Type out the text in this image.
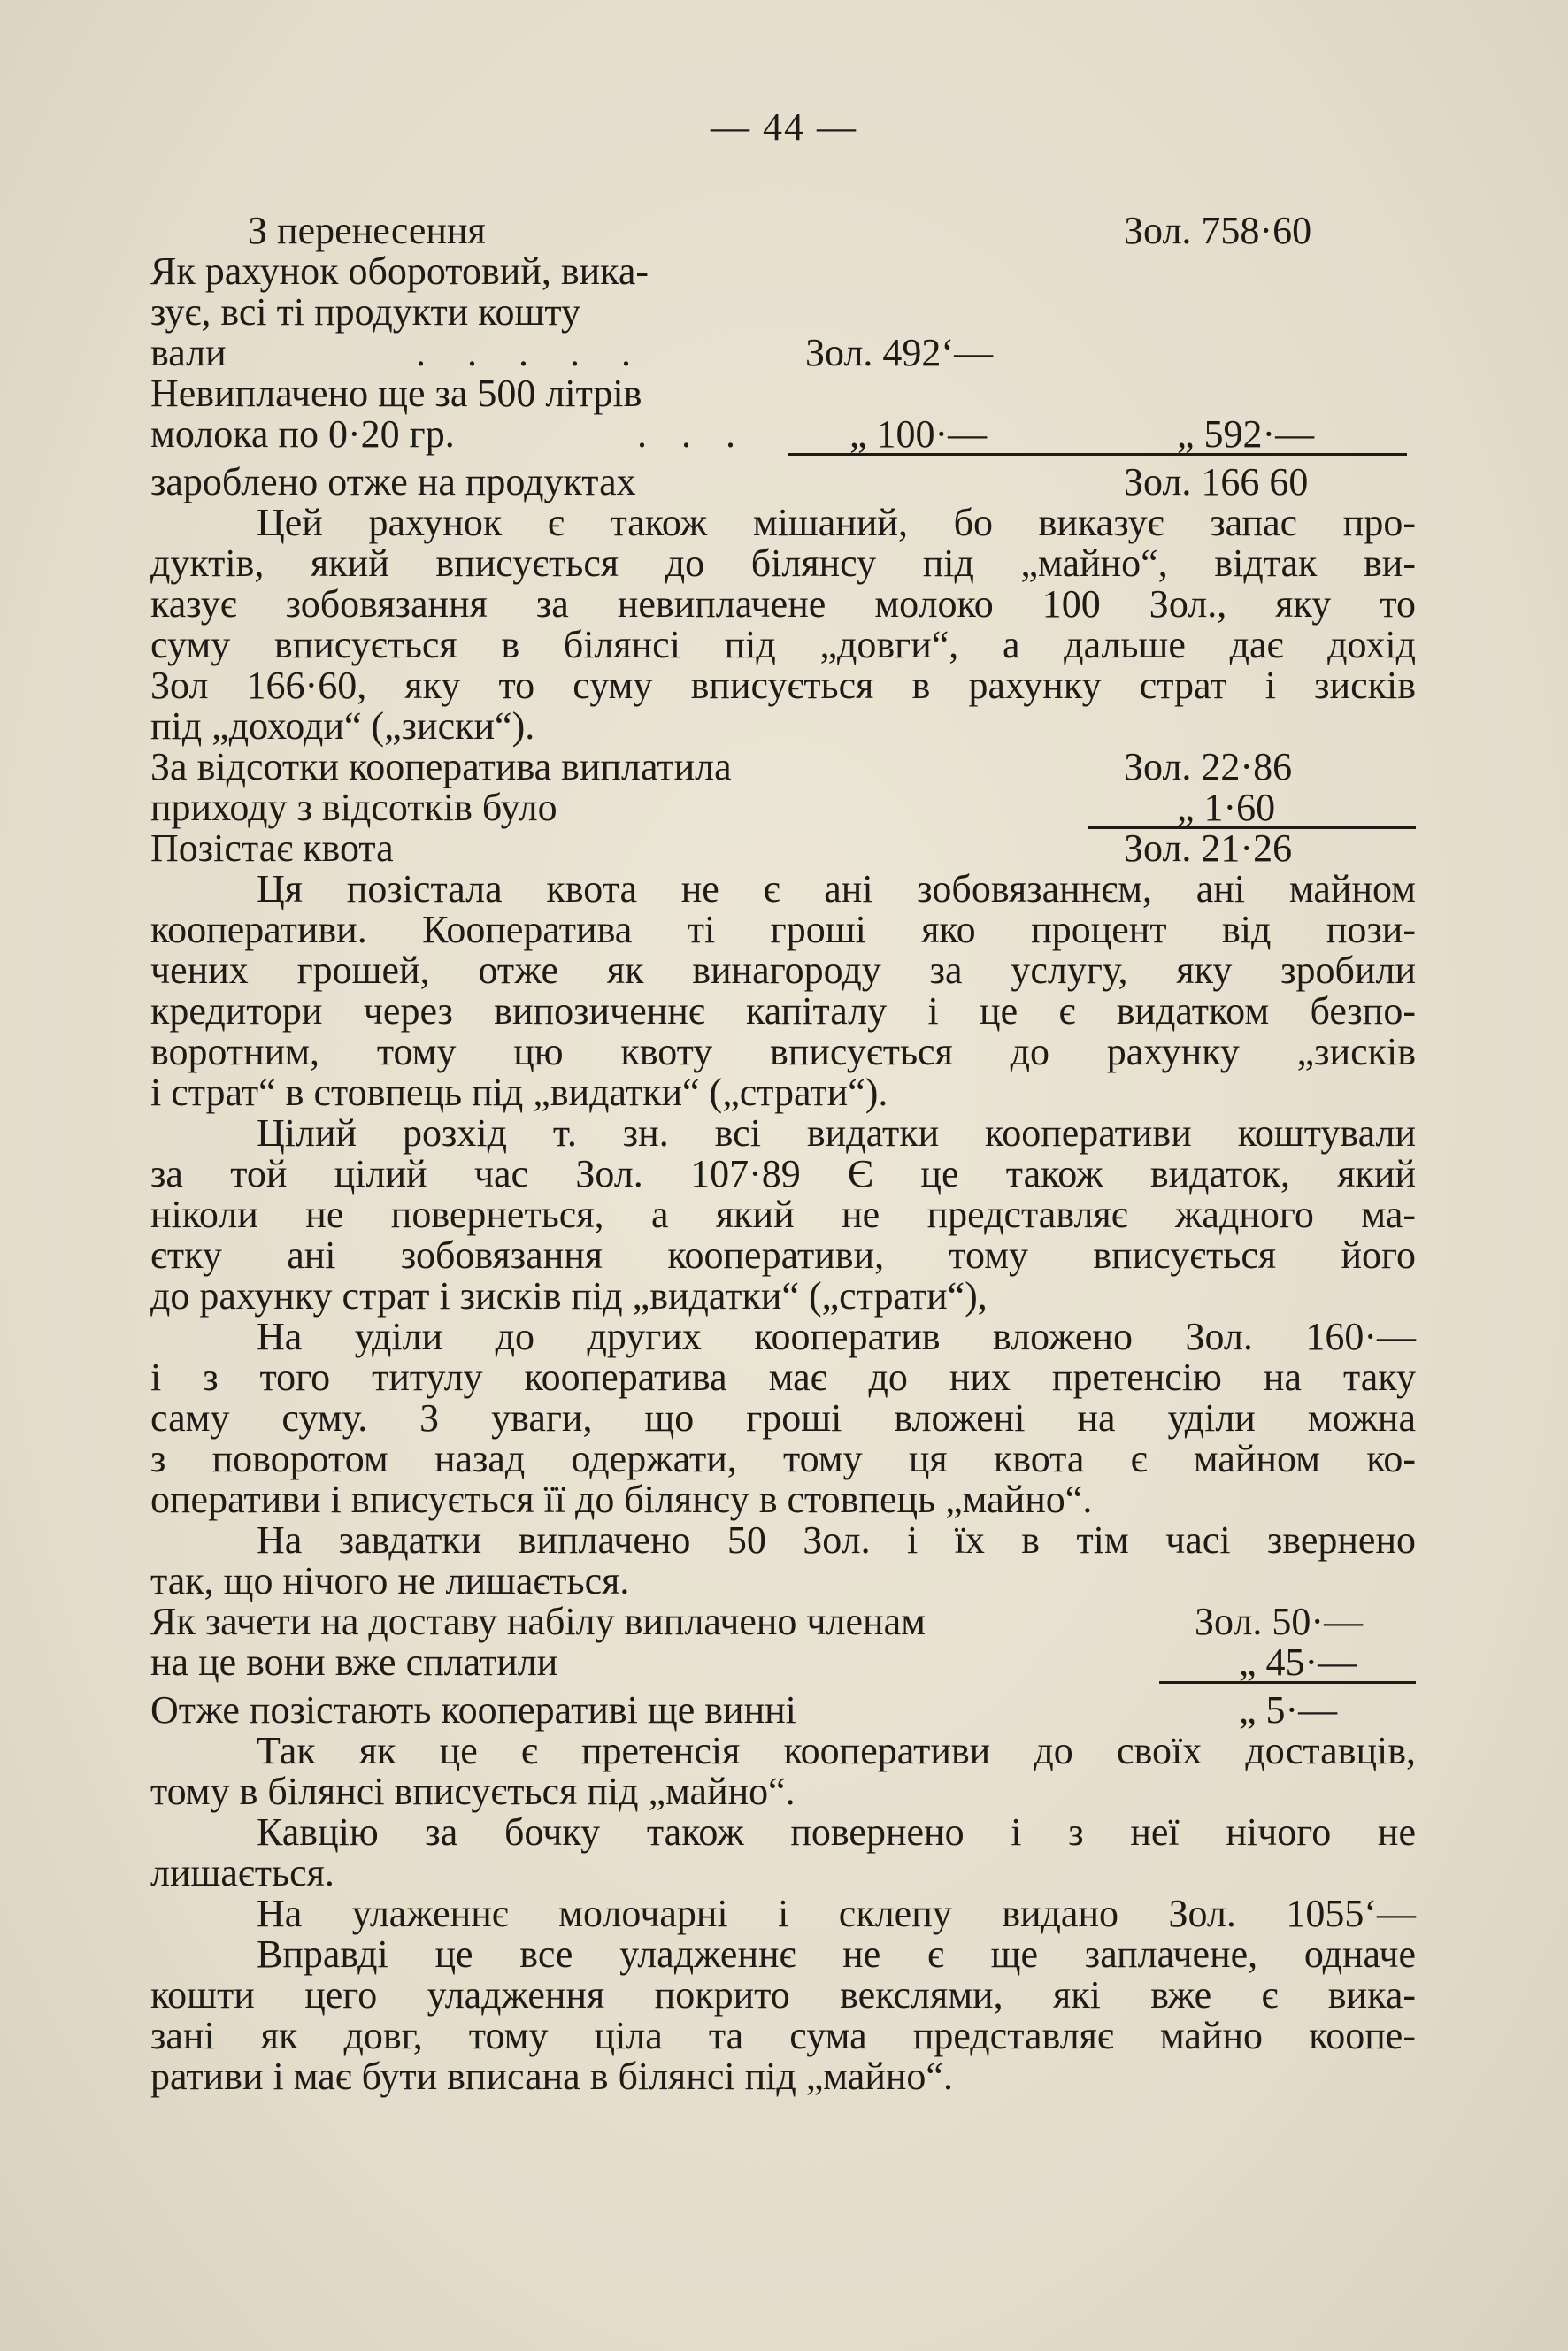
— 44 —
З перенесення	Зол. 758·60
Як рахунок оборотовий, вика-
зує, всі ті продукти кошту
вали	. . . . .	Зол. 492‘—
Невиплачено ще за 500 літрів
молока по 0·20 гр.	. . .	„ 100·—	„ 592·—
зароблено отже на продуктах	Зол. 166 60
Цей рахунок є також мішаний, бо виказує запас про-
дуктів, який вписується до білянсу під „майно“, відтак ви-
казує зобовязання за невиплачене молоко 100 Зол., яку то
суму вписується в білянсі під „довги“, а дальше дає дохід
Зол 166·60, яку то суму вписується в рахунку страт і зисків
під „доходи“ („зиски“).
За відсотки кооператива виплатила	Зол. 22·86
приходу з відсотків було	„ 1·60
Позістає квота	Зол. 21·26
Ця позістала квота не є ані зобовязаннєм, ані майном
кооперативи. Кооператива ті гроші яко процент від пози-
чених грошей, отже як винагороду за услугу, яку зробили
кредитори через випозиченнє капіталу і це є видатком безпо-
воротним, тому цю квоту вписується до рахунку „зисків
і страт“ в стовпець під „видатки“ („страти“).
Цілий розхід т. зн. всі видатки кооперативи коштували
за той цілий час Зол. 107·89 Є це також видаток, який
ніколи не повернеться, а який не представляє жадного ма-
єтку ані зобовязання кооперативи, тому вписується його
до рахунку страт і зисків під „видатки“ („страти“),
На уділи до других кооператив вложено Зол. 160·—
і з того титулу кооператива має до них претенсію на таку
саму суму. З уваги, що гроші вложені на уділи можна
з поворотом назад одержати, тому ця квота є майном ко-
оперативи і вписується її до білянсу в стовпець „майно“.
На завдатки виплачено 50 Зол. і їх в тім часі звернено
так, що нічого не лишається.
Як зачети на доставу набілу виплачено членам	Зол. 50·—
на це вони вже сплатили	„ 45·—
Отже позістають кооперативі ще винні	„ 5·—
Так як це є претенсія кооперативи до своїх доставців,
тому в білянсі вписується під „майно“.
Кавцію за бочку також повернено і з неї нічого не
лишається.
На улаженнє молочарні і склепу видано Зол. 1055‘—
Вправді це все уладженнє не є ще заплачене, одначе
кошти цего уладження покрито векслями, які вже є вика-
зані як довг, тому ціла та сума представляє майно коопе-
ративи і має бути вписана в білянсі під „майно“.
